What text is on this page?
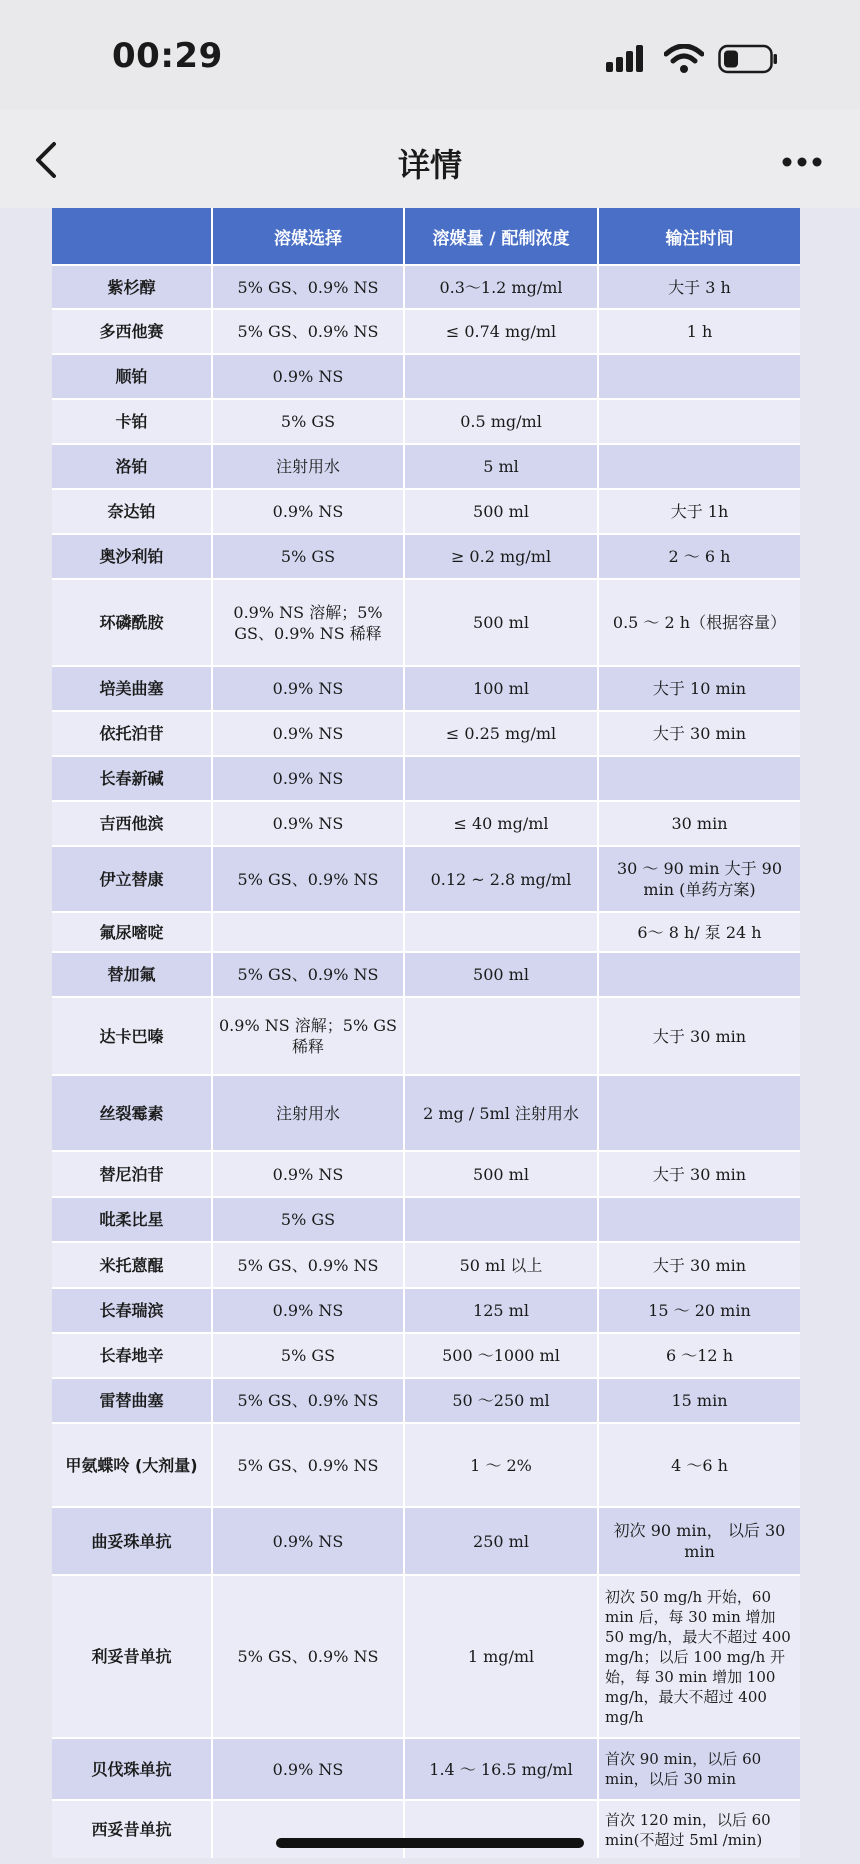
00:29
详情
	溶媒选择	溶媒量 / 配制浓度	输注时间
紫杉醇	5% GS、0.9% NS	0.3～1.2 mg/ml	大于 3 h
多西他赛	5% GS、0.9% NS	≤ 0.74 mg/ml	1 h
顺铂	0.9% NS		
卡铂	5% GS	0.5 mg/ml	
洛铂	注射用水	5 ml	
奈达铂	0.9% NS	500 ml	大于 1h
奥沙利铂	5% GS	≥ 0.2 mg/ml	2 ～ 6 h
环磷酰胺	0.9% NS 溶解；5% GS、0.9% NS 稀释	500 ml	0.5 ～ 2 h（根据容量）
培美曲塞	0.9% NS	100 ml	大于 10 min
依托泊苷	0.9% NS	≤ 0.25 mg/ml	大于 30 min
长春新碱	0.9% NS		
吉西他滨	0.9% NS	≤ 40 mg/ml	30 min
伊立替康	5% GS、0.9% NS	0.12 ~ 2.8 mg/ml	30 ～ 90 min 大于 90 min (单药方案)
氟尿嘧啶			6～ 8 h/ 泵 24 h
替加氟	5% GS、0.9% NS	500 ml	
达卡巴嗪	0.9% NS 溶解；5% GS 稀释		大于 30 min
丝裂霉素	注射用水	2 mg / 5ml 注射用水	
替尼泊苷	0.9% NS	500 ml	大于 30 min
吡柔比星	5% GS		
米托蒽醌	5% GS、0.9% NS	50 ml 以上	大于 30 min
长春瑞滨	0.9% NS	125 ml	15 ～ 20 min
长春地辛	5% GS	500 ～1000 ml	6 ～12 h
雷替曲塞	5% GS、0.9% NS	50 ～250 ml	15 min
甲氨蝶呤 (大剂量)	5% GS、0.9% NS	1 ～ 2%	4 ～6 h
曲妥珠单抗	0.9% NS	250 ml	初次 90 min， 以后 30 min
利妥昔单抗	5% GS、0.9% NS	1 mg/ml	初次 50 mg/h 开始，60 min 后，每 30 min 增加 50 mg/h，最大不超过 400 mg/h；以后 100 mg/h 开始，每 30 min 增加 100 mg/h，最大不超过 400 mg/h
贝伐珠单抗	0.9% NS	1.4 ～ 16.5 mg/ml	首次 90 min，以后 60 min，以后 30 min
西妥昔单抗			首次 120 min，以后 60 min(不超过 5ml /min)
